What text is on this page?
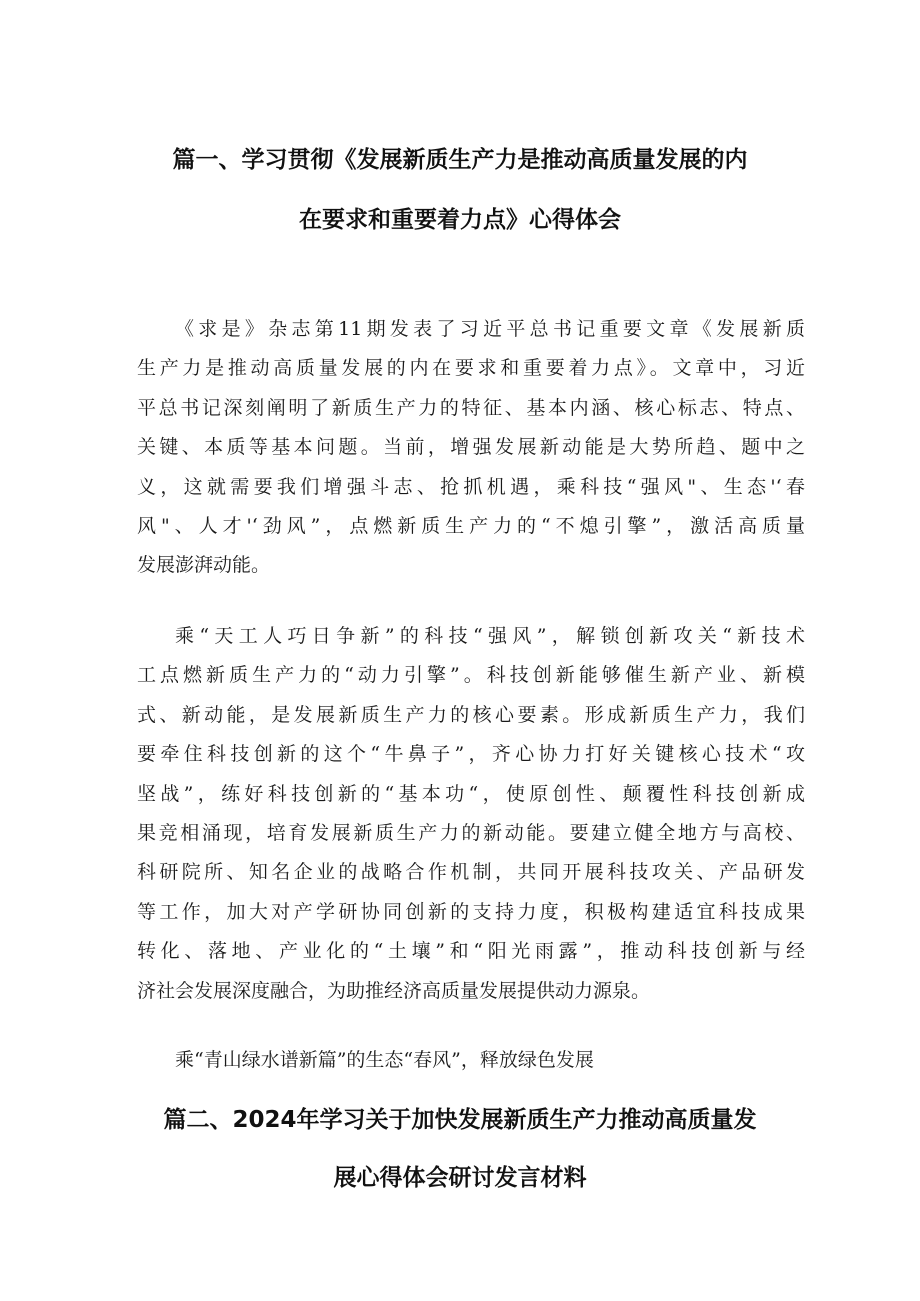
篇一、学习贯彻《发展新质生产力是推动高质量发展的内
在要求和重要着力点》心得体会
《求是》杂志第11期发表了习近平总书记重要文章《发展新质
生产力是推动高质量发展的内在要求和重要着力点》。文章中，习近
平总书记深刻阐明了新质生产力的特征、基本内涵、核心标志、特点、
关键、本质等基本问题。当前，增强发展新动能是大势所趋、题中之
义，这就需要我们增强斗志、抢抓机遇，乘科技“强风"、生态'‘春
风"、人才'‘劲风”，点燃新质生产力的“不熄引擎”，激活高质量
发展澎湃动能。
乘“天工人巧日争新”的科技“强风”，解锁创新攻关“新技术
工点燃新质生产力的“动力引擎”。科技创新能够催生新产业、新模
式、新动能，是发展新质生产力的核心要素。形成新质生产力，我们
要牵住科技创新的这个“牛鼻子”，齐心协力打好关键核心技术“攻
坚战”，练好科技创新的“基本功“，使原创性、颠覆性科技创新成
果竞相涌现，培育发展新质生产力的新动能。要建立健全地方与高校、
科研院所、知名企业的战略合作机制，共同开展科技攻关、产品研发
等工作，加大对产学研协同创新的支持力度，积极构建适宜科技成果
转化、落地、产业化的“土壤”和“阳光雨露”，推动科技创新与经
济社会发展深度融合，为助推经济高质量发展提供动力源泉。
乘“青山绿水谱新篇”的生态“春风”，释放绿色发展
篇二、2024年学习关于加快发展新质生产力推动高质量发
展心得体会研讨发言材料
